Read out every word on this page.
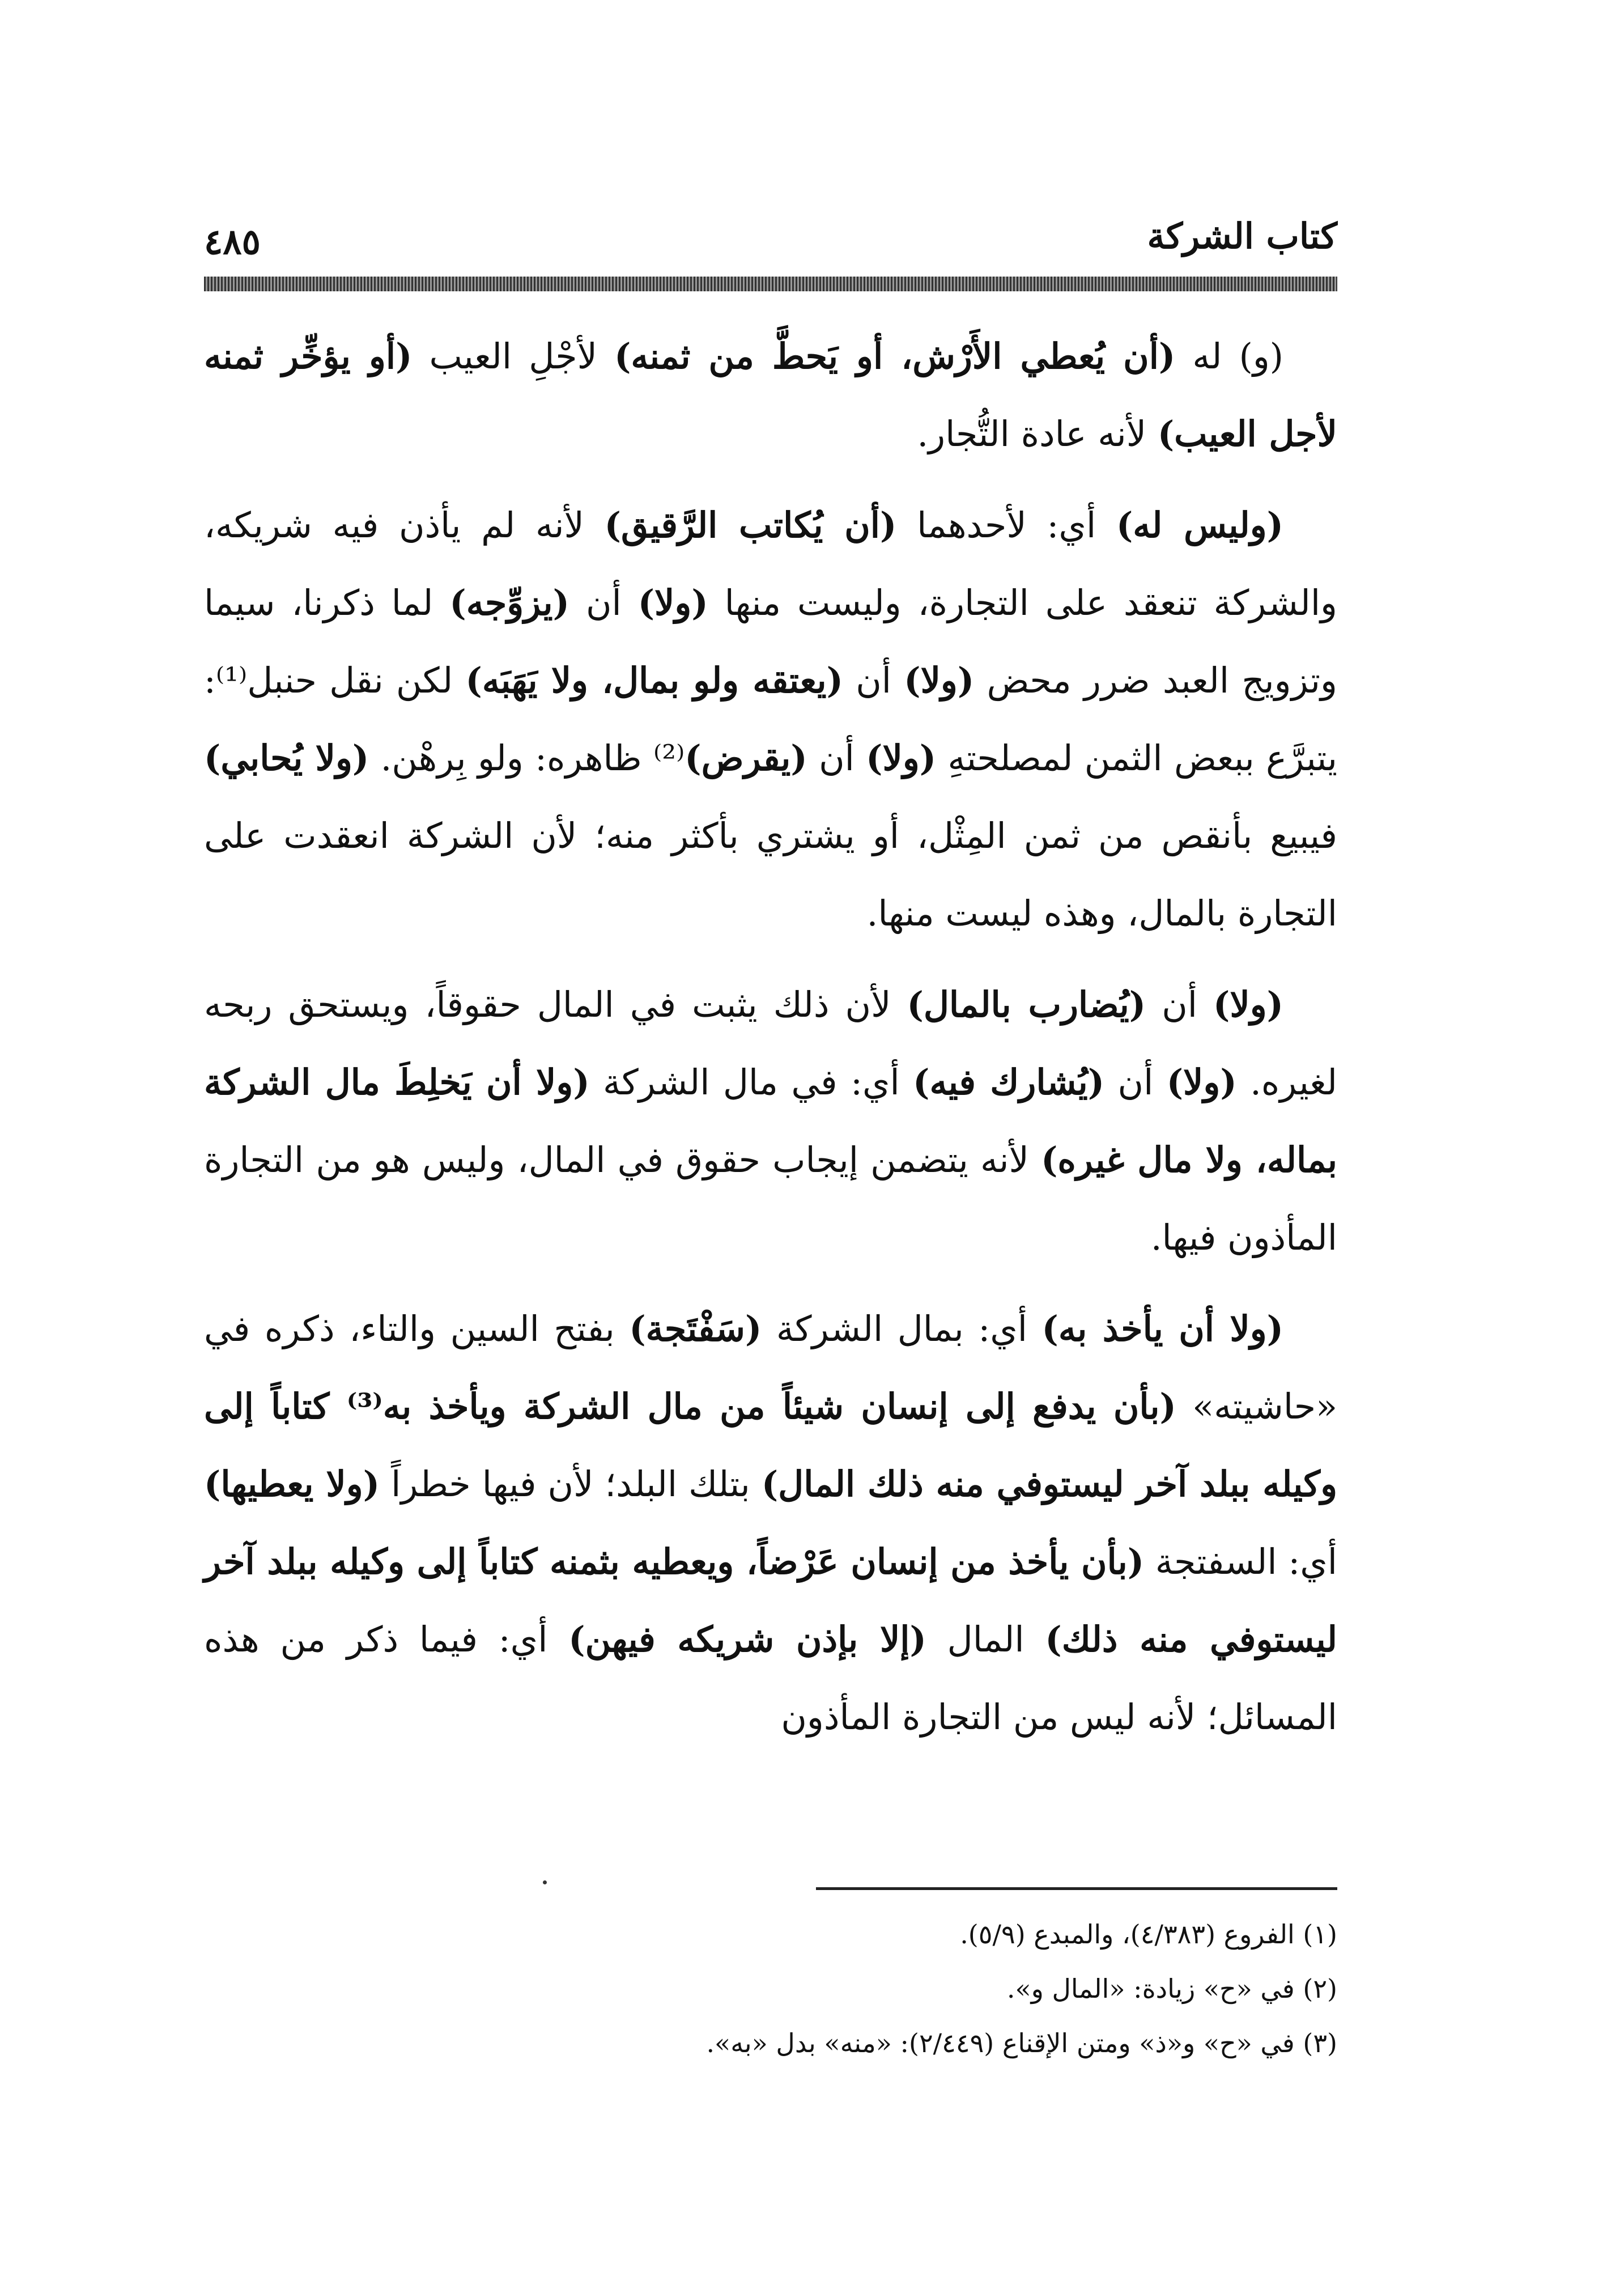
٤٨٥	كتاب الشركة

(و) له (أن يُعطي الأَرْش، أو يَحطَّ من ثمنه) لأجْلِ العيب (أو يؤخِّر ثمنه لأجل العيب) لأنه عادة التُّجار.

(وليس له) أي: لأحدهما (أن يُكاتب الرَّقيق) لأنه لم يأذن فيه شريكه، والشركة تنعقد على التجارة، وليست منها (ولا) أن (يزوِّجه) لما ذكرنا، سيما وتزويج العبد ضرر محض (ولا) أن (يعتقه ولو بمال، ولا يَهَبَه) لكن نقل حنبل⁽¹⁾: يتبرَّع ببعض الثمن لمصلحتهِ (ولا) أن (يقرض)⁽²⁾ ظاهره: ولو بِرهْن. (ولا يُحابي) فيبيع بأنقص من ثمن المِثْل، أو يشتري بأكثر منه؛ لأن الشركة انعقدت على التجارة بالمال، وهذه ليست منها.

(ولا) أن (يُضارب بالمال) لأن ذلك يثبت في المال حقوقاً، ويستحق ربحه لغيره. (ولا) أن (يُشارك فيه) أي: في مال الشركة (ولا أن يَخلِطَ مال الشركة بماله، ولا مال غيره) لأنه يتضمن إيجاب حقوق في المال، وليس هو من التجارة المأذون فيها.

(ولا أن يأخذ به) أي: بمال الشركة (سَفْتَجة) بفتح السين والتاء، ذكره في «حاشيته» (بأن يدفع إلى إنسان شيئاً من مال الشركة ويأخذ به⁽³⁾ كتاباً إلى وكيله ببلد آخر ليستوفي منه ذلك المال) بتلك البلد؛ لأن فيها خطراً (ولا يعطيها) أي: السفتجة (بأن يأخذ من إنسان عَرْضاً، ويعطيه بثمنه كتاباً إلى وكيله ببلد آخر ليستوفي منه ذلك) المال (إلا بإذن شريكه فيهن) أي: فيما ذكر من هذه المسائل؛ لأنه ليس من التجارة المأذون

(١) الفروع (٤/٣٨٣)، والمبدع (٥/٩).
(٢) في «ح» زيادة: «المال و».
(٣) في «ح» و«ذ» ومتن الإقناع (٢/٤٤٩): «منه» بدل «به».
